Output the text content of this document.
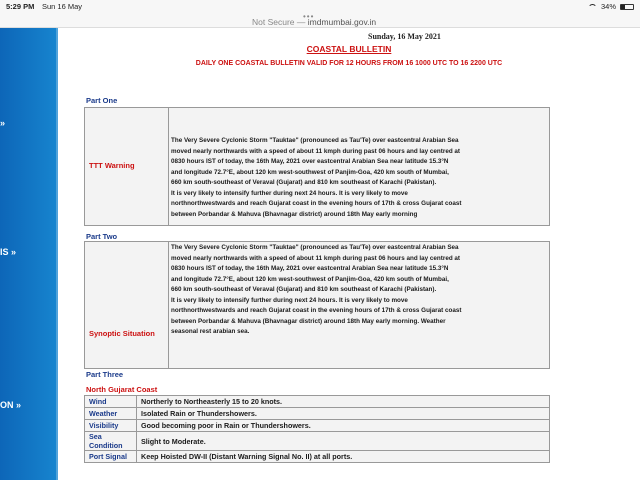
5:29 PM Sun 16 May	34%
•••
Not Secure — imdmumbai.gov.in
»
IS »
ON »
Sunday, 16 May 2021
COASTAL BULLETIN
DAILY ONE COASTAL BULLETIN VALID FOR 12 HOURS FROM 16 1000 UTC TO 16 2200 UTC
Part One
TTT Warning
The Very Severe Cyclonic Storm "Tauktae" (pronounced as Tau'Te) over eastcentral Arabian Sea
moved nearly northwards with a speed of about 11 kmph during past 06 hours and lay centred at
0830 hours IST of today, the 16th May, 2021 over eastcentral Arabian Sea near latitude 15.3°N
and longitude 72.7°E, about 120 km west-southwest of Panjim-Goa, 420 km south of Mumbai,
660 km south-southeast of Veraval (Gujarat) and 810 km southeast of Karachi (Pakistan).
It is very likely to intensify further during next 24 hours. It is very likely to move
northnorthwestwards and reach Gujarat coast in the evening hours of 17th & cross Gujarat coast
between Porbandar & Mahuva (Bhavnagar district) around 18th May early morning
Part Two
Synoptic Situation
The Very Severe Cyclonic Storm "Tauktae" (pronounced as Tau'Te) over eastcentral Arabian Sea
moved nearly northwards with a speed of about 11 kmph during past 06 hours and lay centred at
0830 hours IST of today, the 16th May, 2021 over eastcentral Arabian Sea near latitude 15.3°N
and longitude 72.7°E, about 120 km west-southwest of Panjim-Goa, 420 km south of Mumbai,
660 km south-southeast of Veraval (Gujarat) and 810 km southeast of Karachi (Pakistan).
It is very likely to intensify further during next 24 hours. It is very likely to move
northnorthwestwards and reach Gujarat coast in the evening hours of 17th & cross Gujarat coast
between Porbandar & Mahuva (Bhavnagar district) around 18th May early morning. Weather
seasonal rest arabian sea.
Part Three
North Gujarat Coast
Wind	Northerly to Northeasterly 15 to 20 knots.
Weather	Isolated Rain or Thundershowers.
Visibility	Good becoming poor in Rain or Thundershowers.
Sea Condition	Slight to Moderate.
Port Signal	Keep Hoisted DW-II (Distant Warning Signal No. II) at all ports.
